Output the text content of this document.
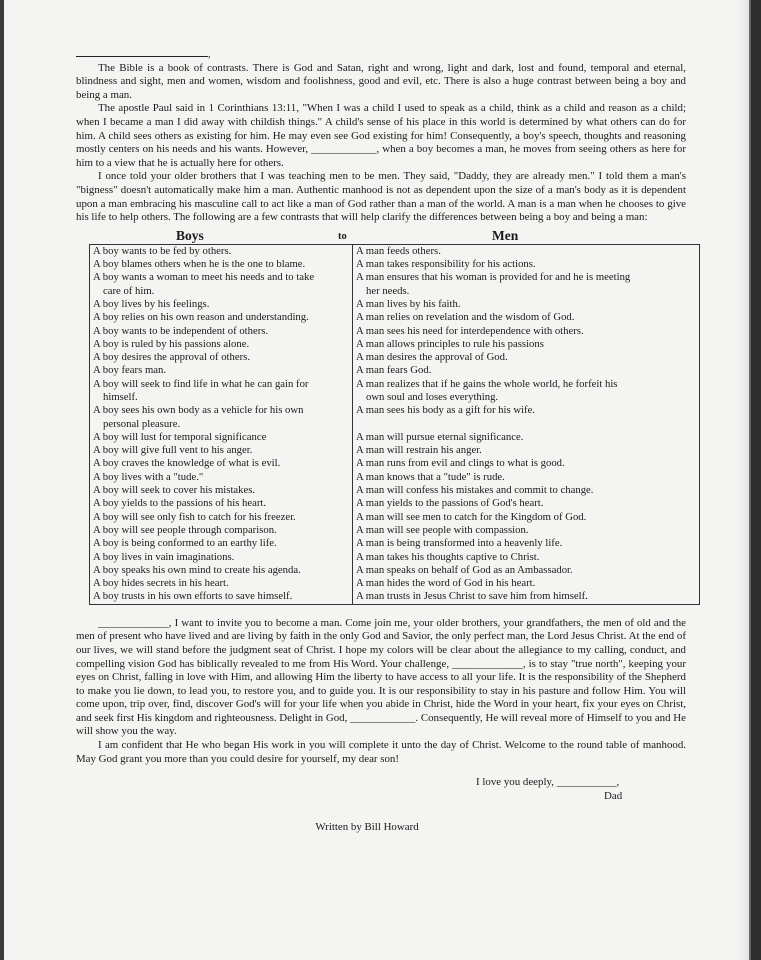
,

The Bible is a book of contrasts. There is God and Satan, right and wrong, light and dark, lost and found, temporal and eternal, blindness and sight, men and women, wisdom and foolishness, good and evil, etc. There is also a huge contrast between being a boy and being a man.

The apostle Paul said in 1 Corinthians 13:11, "When I was a child I used to speak as a child, think as a child and reason as a child; when I became a man I did away with childish things." A child's sense of his place in this world is determined by what others can do for him. A child sees others as existing for him. He may even see God existing for him! Consequently, a boy's speech, thoughts and reasoning mostly centers on his needs and his wants. However, ____________, when a boy becomes a man, he moves from seeing others as here for him to a view that he is actually here for others.

I once told your older brothers that I was teaching men to be men. They said, "Daddy, they are already men." I told them a man's "bigness" doesn't automatically make him a man. Authentic manhood is not as dependent upon the size of a man's body as it is dependent upon a man embracing his masculine call to act like a man of God rather than a man of the world. A man is a man when he chooses to give his life to help others. The following are a few contrasts that will help clarify the differences between being a boy and being a man:

Boys	to	Men
A boy wants to be fed by others.	A man feeds others.
A boy blames others when he is the one to blame.	A man takes responsibility for his actions.
A boy wants a woman to meet his needs and to take
care of him.	A man ensures that his woman is provided for and he is meeting
her needs.

A boy lives by his feelings.	A man lives by his faith.
A boy relies on his own reason and understanding.	A man relies on revelation and the wisdom of God.
A boy wants to be independent of others.	A man sees his need for interdependence with others.
A boy is ruled by his passions alone.	A man allows principles to rule his passions
A boy desires the approval of others.	A man desires the approval of God.
A boy fears man.	A man fears God.
A boy will seek to find life in what he can gain for
himself.	A man realizes that if he gains the whole world, he forfeit his
own soul and loses everything.

A boy sees his own body as a vehicle for his own
personal pleasure.	A man sees his body as a gift for his wife.
A boy will lust for temporal significance	A man will pursue eternal significance.
A boy will give full vent to his anger.	A man will restrain his anger.
A boy craves the knowledge of what is evil.	A man runs from evil and clings to what is good.
A boy lives with a "tude."	A man knows that a "tude" is rude.
A boy will seek to cover his mistakes.	A man will confess his mistakes and commit to change.
A boy yields to the passions of his heart.	A man yields to the passions of God's heart.
A boy will see only fish to catch for his freezer.	A man will see men to catch for the Kingdom of God.
A boy will see people through comparison.	A man will see people with compassion.
A boy is being conformed to an earthy life.	A man is being transformed into a heavenly life.
A boy lives in vain imaginations.	A man takes his thoughts captive to Christ.
A boy speaks his own mind to create his agenda.	A man speaks on behalf of God as an Ambassador.
A boy hides secrets in his heart.	A man hides the word of God in his heart.
A boy trusts in his own efforts to save himself.	A man trusts in Jesus Christ to save him from himself.

_____________, I want to invite you to become a man. Come join me, your older brothers, your grandfathers, the men of old and the men of present who have lived and are living by faith in the only God and Savior, the only perfect man, the Lord Jesus Christ. At the end of our lives, we will stand before the judgment seat of Christ. I hope my colors will be clear about the allegiance to my calling, conduct, and compelling vision God has biblically revealed to me from His Word. Your challenge, _____________, is to stay "true north", keeping your eyes on Christ, falling in love with Him, and allowing Him the liberty to have access to all your life. It is the responsibility of the Shepherd to make you lie down, to lead you, to restore you, and to guide you. It is our responsibility to stay in his pasture and follow Him. You will come upon, trip over, find, discover God's will for your life when you abide in Christ, hide the Word in your heart, fix your eyes on Christ, and seek first His kingdom and righteousness. Delight in God, ____________. Consequently, He will reveal more of Himself to you and He will show you the way.

I am confident that He who began His work in you will complete it unto the day of Christ. Welcome to the round table of manhood. May God grant you more than you could desire for yourself, my dear son!

I love you deeply, ___________,
Dad
Written by Bill Howard
